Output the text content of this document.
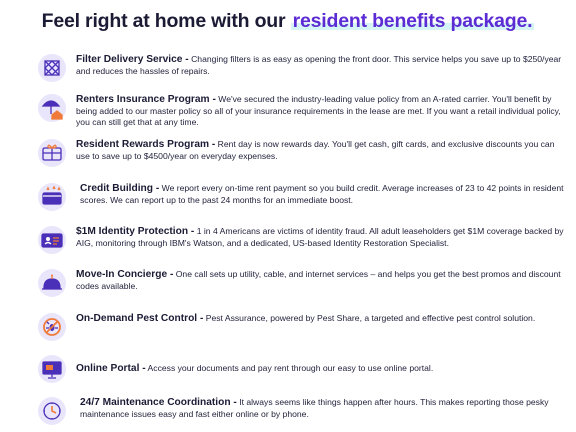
Feel right at home with our resident benefits package.
Filter Delivery Service - Changing filters is as easy as opening the front door. This service helps you save up to $250/year and reduces the hassles of repairs.
Renters Insurance Program - We've secured the industry-leading value policy from an A-rated carrier. You'll benefit by being added to our master policy so all of your insurance requirements in the lease are met. If you want a retail individual policy, you can still get that at any time.
Resident Rewards Program - Rent day is now rewards day. You'll get cash, gift cards, and exclusive discounts you can use to save up to $4500/year on everyday expenses.
Credit Building - We report every on-time rent payment so you build credit. Average increases of 23 to 42 points in resident scores. We can report up to the past 24 months for an immediate boost.
$1M Identity Protection - 1 in 4 Americans are victims of identity fraud. All adult leaseholders get $1M coverage backed by AIG, monitoring through IBM's Watson, and a dedicated, US-based Identity Restoration Specialist.
Move-In Concierge - One call sets up utility, cable, and internet services – and helps you get the best promos and discount codes available.
On-Demand Pest Control - Pest Assurance, powered by Pest Share, a targeted and effective pest control solution.
Online Portal - Access your documents and pay rent through our easy to use online portal.
24/7 Maintenance Coordination - It always seems like things happen after hours. This makes reporting those pesky maintenance issues easy and fast either online or by phone.
